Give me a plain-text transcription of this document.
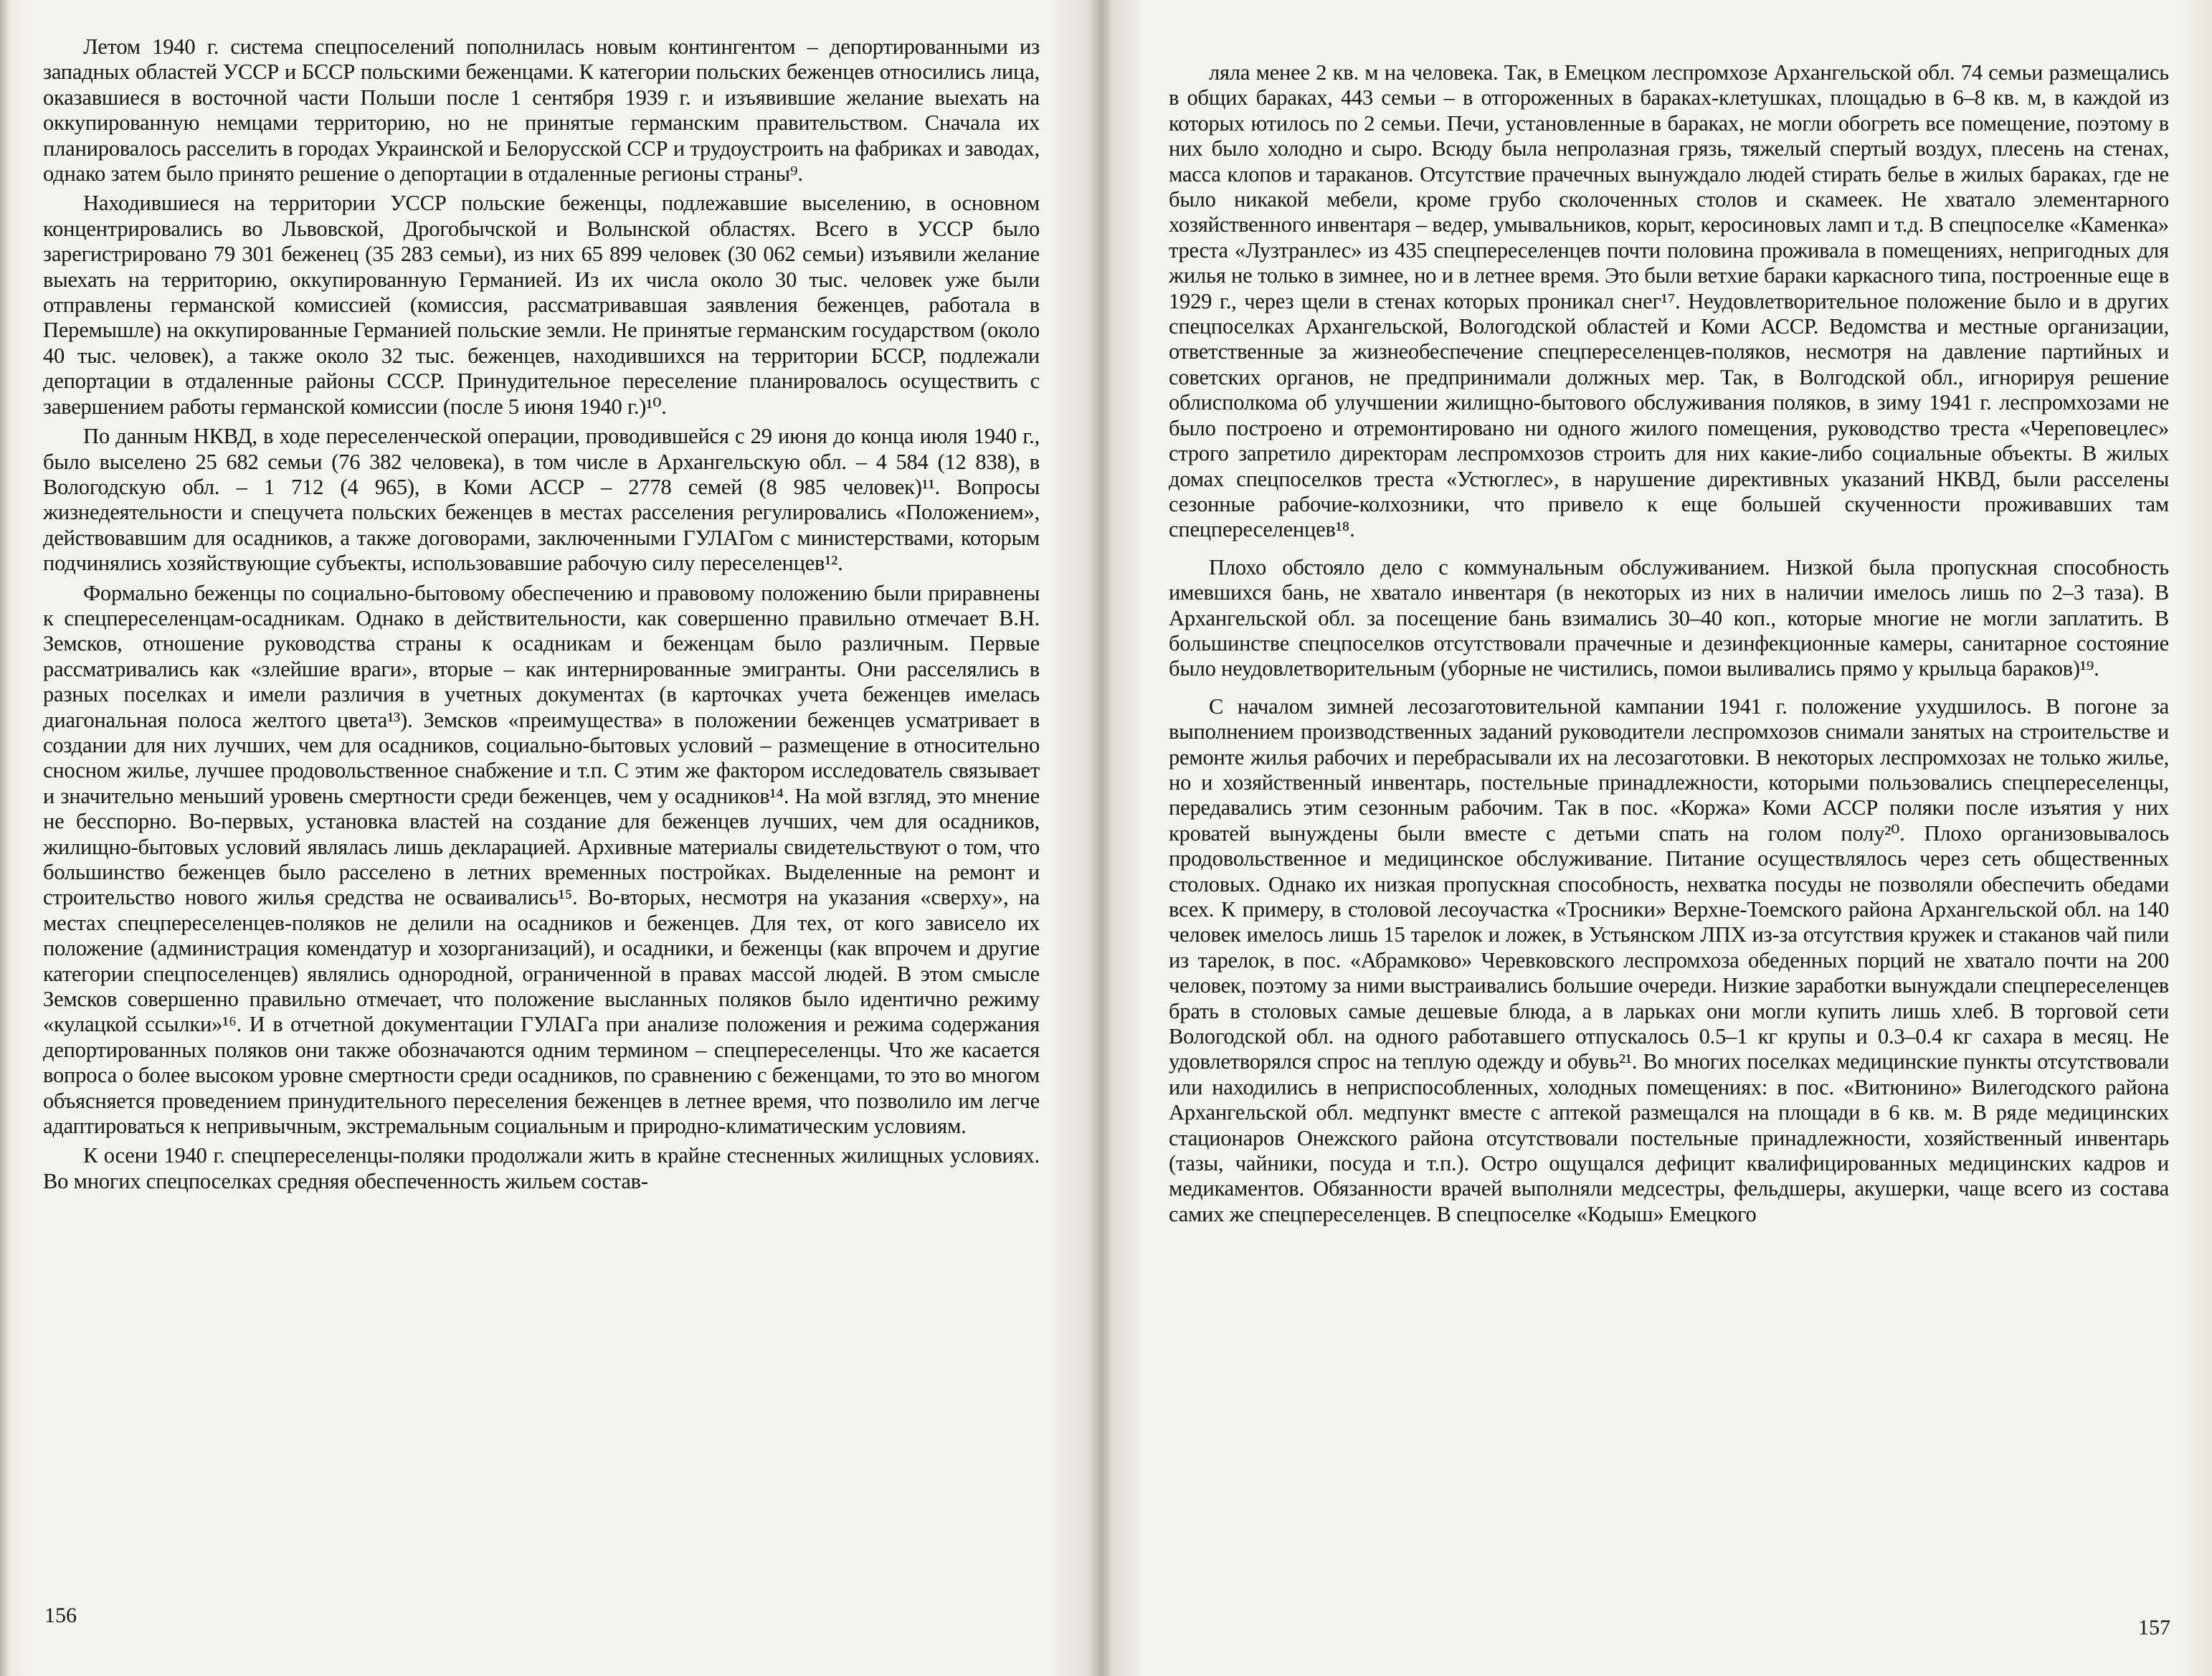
Летом 1940 г. система спецпоселений пополнилась новым контингентом – депортированными из западных областей УССР и БССР польскими беженцами. К категории польских беженцев относились лица, оказавшиеся в восточной части Польши после 1 сентября 1939 г. и изъявившие желание выехать на оккупированную немцами территорию, но не принятые германским правительством. Сначала их планировалось расселить в городах Украинской и Белорусской ССР и трудоустроить на фабриках и заводах, однако затем было принято решение о депортации в отдаленные регионы страны⁹.

Находившиеся на территории УССР польские беженцы, подлежавшие выселению, в основном концентрировались во Львовской, Дрогобычской и Волынской областях. Всего в УССР было зарегистрировано 79 301 беженец (35 283 семьи), из них 65 899 человек (30 062 семьи) изъявили желание выехать на территорию, оккупированную Германией. Из их числа около 30 тыс. человек уже были отправлены германской комиссией (комиссия, рассматривавшая заявления беженцев, работала в Перемышле) на оккупированные Германией польские земли. Не принятые германским государством (около 40 тыс. человек), а также около 32 тыс. беженцев, находившихся на территории БССР, подлежали депортации в отдаленные районы СССР. Принудительное переселение планировалось осуществить с завершением работы германской комиссии (после 5 июня 1940 г.)¹⁰.

По данным НКВД, в ходе переселенческой операции, проводившейся с 29 июня до конца июля 1940 г., было выселено 25 682 семьи (76 382 человека), в том числе в Архангельскую обл. – 4 584 (12 838), в Вологодскую обл. – 1 712 (4 965), в Коми АССР – 2778 семей (8 985 человек)¹¹. Вопросы жизнедеятельности и спецучета польских беженцев в местах расселения регулировались «Положением», действовавшим для осадников, а также договорами, заключенными ГУЛАГом с министерствами, которым подчинялись хозяйствующие субъекты, использовавшие рабочую силу переселенцев¹².

Формально беженцы по социально-бытовому обеспечению и правовому положению были приравнены к спецпереселенцам-осадникам. Однако в действительности, как совершенно правильно отмечает В.Н. Земсков, отношение руководства страны к осадникам и беженцам было различным. Первые рассматривались как «злейшие враги», вторые – как интернированные эмигранты. Они расселялись в разных поселках и имели различия в учетных документах (в карточках учета беженцев имелась диагональная полоса желтого цвета¹³). Земсков «преимущества» в положении беженцев усматривает в создании для них лучших, чем для осадников, социально-бытовых условий – размещение в относительно сносном жилье, лучшее продовольственное снабжение и т.п. С этим же фактором исследователь связывает и значительно меньший уровень смертности среди беженцев, чем у осадников¹⁴. На мой взгляд, это мнение не бесспорно. Во-первых, установка властей на создание для беженцев лучших, чем для осадников, жилищно-бытовых условий являлась лишь декларацией. Архивные материалы свидетельствуют о том, что большинство беженцев было расселено в летних временных постройках. Выделенные на ремонт и строительство нового жилья средства не осваивались¹⁵. Во-вторых, несмотря на указания «сверху», на местах спецпереселенцев-поляков не делили на осадников и беженцев. Для тех, от кого зависело их положение (администрация комендатур и хозорганизаций), и осадники, и беженцы (как впрочем и другие категории спецпоселенцев) являлись однородной, ограниченной в правах массой людей. В этом смысле Земсков совершенно правильно отмечает, что положение высланных поляков было идентично режиму «кулацкой ссылки»¹⁶. И в отчетной документации ГУЛАГа при анализе положения и режима содержания депортированных поляков они также обозначаются одним термином – спецпереселенцы. Что же касается вопроса о более высоком уровне смертности среди осадников, по сравнению с беженцами, то это во многом объясняется проведением принудительного переселения беженцев в летнее время, что позволило им легче адаптироваться к непривычным, экстремальным социальным и природно-климатическим условиям.

К осени 1940 г. спецпереселенцы-поляки продолжали жить в крайне стесненных жилищных условиях. Во многих спецпоселках средняя обеспеченность жильем состав-

156

ляла менее 2 кв. м на человека. Так, в Емецком леспромхозе Архангельской обл. 74 семьи размещались в общих бараках, 443 семьи – в отгороженных в бараках-клетушках, площадью в 6–8 кв. м, в каждой из которых ютилось по 2 семьи. Печи, установленные в бараках, не могли обогреть все помещение, поэтому в них было холодно и сыро. Всюду была непролазная грязь, тяжелый спертый воздух, плесень на стенах, масса клопов и тараканов. Отсутствие прачечных вынуждало людей стирать белье в жилых бараках, где не было никакой мебели, кроме грубо сколоченных столов и скамеек. Не хватало элементарного хозяйственного инвентаря – ведер, умывальников, корыт, керосиновых ламп и т.д. В спецпоселке «Каменка» треста «Лузтранлес» из 435 спецпереселенцев почти половина проживала в помещениях, непригодных для жилья не только в зимнее, но и в летнее время. Это были ветхие бараки каркасного типа, построенные еще в 1929 г., через щели в стенах которых проникал снег¹⁷. Неудовлетворительное положение было и в других спецпоселках Архангельской, Вологодской областей и Коми АССР. Ведомства и местные организации, ответственные за жизнеобеспечение спецпереселенцев-поляков, несмотря на давление партийных и советских органов, не предпринимали должных мер. Так, в Волгодской обл., игнорируя решение облисполкома об улучшении жилищно-бытового обслуживания поляков, в зиму 1941 г. леспромхозами не было построено и отремонтировано ни одного жилого помещения, руководство треста «Череповецлес» строго запретило директорам леспромхозов строить для них какие-либо социальные объекты. В жилых домах спецпоселков треста «Устюглес», в нарушение директивных указаний НКВД, были расселены сезонные рабочие-колхозники, что привело к еще большей скученности проживавших там спецпереселенцев¹⁸.

Плохо обстояло дело с коммунальным обслуживанием. Низкой была пропускная способность имевшихся бань, не хватало инвентаря (в некоторых из них в наличии имелось лишь по 2–3 таза). В Архангельской обл. за посещение бань взимались 30–40 коп., которые многие не могли заплатить. В большинстве спецпоселков отсутствовали прачечные и дезинфекционные камеры, санитарное состояние было неудовлетворительным (уборные не чистились, помои выливались прямо у крыльца бараков)¹⁹.

С началом зимней лесозаготовительной кампании 1941 г. положение ухудшилось. В погоне за выполнением производственных заданий руководители леспромхозов снимали занятых на строительстве и ремонте жилья рабочих и перебрасывали их на лесозаготовки. В некоторых леспромхозах не только жилье, но и хозяйственный инвентарь, постельные принадлежности, которыми пользовались спецпереселенцы, передавались этим сезонным рабочим. Так в пос. «Коржа» Коми АССР поляки после изъятия у них кроватей вынуждены были вместе с детьми спать на голом полу²⁰. Плохо организовывалось продовольственное и медицинское обслуживание. Питание осуществлялось через сеть общественных столовых. Однако их низкая пропускная способность, нехватка посуды не позволяли обеспечить обедами всех. К примеру, в столовой лесоучастка «Тросники» Верхне-Тоемского района Архангельской обл. на 140 человек имелось лишь 15 тарелок и ложек, в Устьянском ЛПХ из-за отсутствия кружек и стаканов чай пили из тарелок, в пос. «Абрамково» Черевковского леспромхоза обеденных порций не хватало почти на 200 человек, поэтому за ними выстраивались большие очереди. Низкие заработки вынуждали спецпереселенцев брать в столовых самые дешевые блюда, а в ларьках они могли купить лишь хлеб. В торговой сети Вологодской обл. на одного работавшего отпускалось 0.5–1 кг крупы и 0.3–0.4 кг сахара в месяц. Не удовлетворялся спрос на теплую одежду и обувь²¹. Во многих поселках медицинские пункты отсутствовали или находились в неприспособленных, холодных помещениях: в пос. «Витюнино» Вилегодского района Архангельской обл. медпункт вместе с аптекой размещался на площади в 6 кв. м. В ряде медицинских стационаров Онежского района отсутствовали постельные принадлежности, хозяйственный инвентарь (тазы, чайники, посуда и т.п.). Остро ощущался дефицит квалифицированных медицинских кадров и медикаментов. Обязанности врачей выполняли медсестры, фельдшеры, акушерки, чаще всего из состава самих же спецпереселенцев. В спецпоселке «Кодыш» Емецкого

157
